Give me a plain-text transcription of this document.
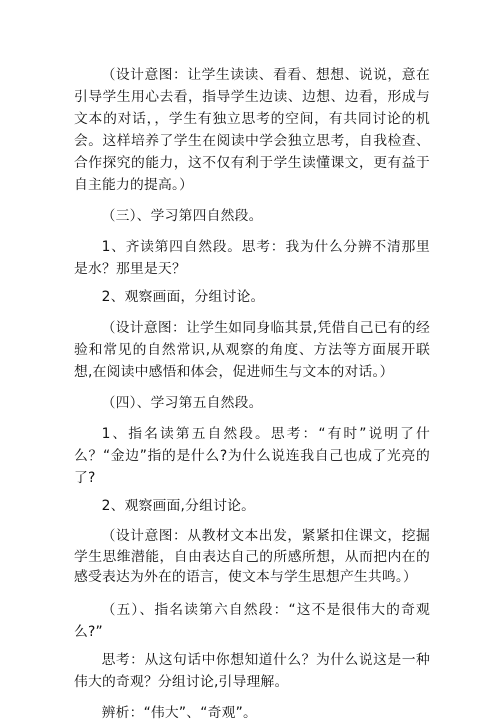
（设计意图：让学生读读、看看、想想、说说，意在引导学生用心去看，指导学生边读、边想、边看，形成与文本的对话，，学生有独立思考的空间，有共同讨论的机会。这样培养了学生在阅读中学会独立思考，自我检查、合作探究的能力，这不仅有利于学生读懂课文，更有益于自主能力的提高。）

（三）、学习第四自然段。

1、齐读第四自然段。思考：我为什么分辨不清那里是水？那里是天？

2、观察画面，分组讨论。

（设计意图：让学生如同身临其景,凭借自己已有的经验和常见的自然常识,从观察的角度、方法等方面展开联想,在阅读中感悟和体会，促进师生与文本的对话。）

（四）、学习第五自然段。

1、指名读第五自然段。思考：“有时”说明了什么？“金边”指的是什么?为什么说连我自己也成了光亮的了?

2、观察画面,分组讨论。

（设计意图：从教材文本出发，紧紧扣住课文，挖掘学生思维潜能，自由表达自己的所感所想，从而把内在的感受表达为外在的语言，使文本与学生思想产生共鸣。）

（五）、指名读第六自然段：“这不是很伟大的奇观么?”

思考：从这句话中你想知道什么？为什么说这是一种伟大的奇观？分组讨论,引导理解。

辨析：“伟大”、“奇观”。
